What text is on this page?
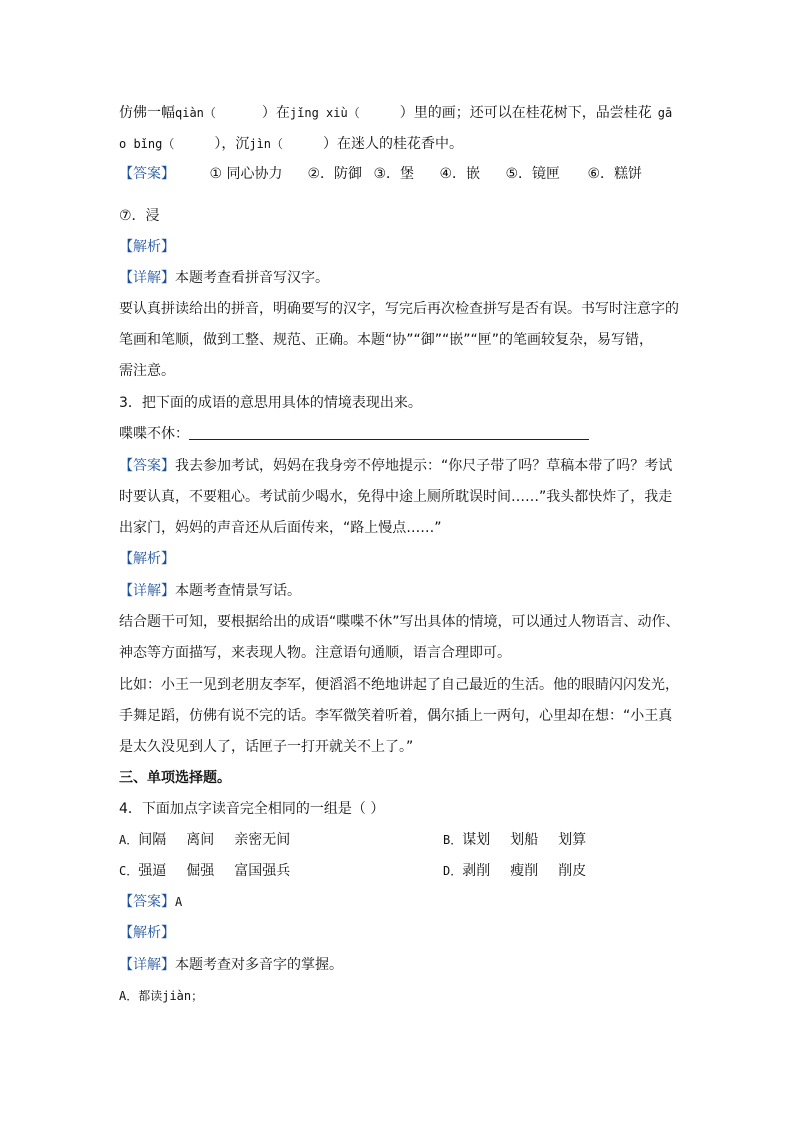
仿佛一幅qiàn（	）在jǐng xiù（	）里的画；还可以在桂花树下，品尝桂花 gā
o bǐng（	），沉jìn（	）在迷人的桂花香中。
【答案】 ① 同心协力 ②．防御 ③．堡 ④．嵌 ⑤．镜匣 ⑥．糕饼
⑦．浸
【解析】
【详解】本题考查看拼音写汉字。
要认真拼读给出的拼音，明确要写的汉字，写完后再次检查拼写是否有误。书写时注意字的
笔画和笔顺，做到工整、规范、正确。本题“协”“御”“嵌”“匣”的笔画较复杂，易写错，
需注意。
3．把下面的成语的意思用具体的情境表现出来。
喋喋不休：
【答案】我去参加考试，妈妈在我身旁不停地提示：“你尺子带了吗？草稿本带了吗？考试
时要认真，不要粗心。考试前少喝水，免得中途上厕所耽误时间……”我头都快炸了，我走
出家门，妈妈的声音还从后面传来，“路上慢点……”
【解析】
【详解】本题考查情景写话。
结合题干可知，要根据给出的成语“喋喋不休”写出具体的情境，可以通过人物语言、动作、
神态等方面描写，来表现人物。注意语句通顺，语言合理即可。
比如：小王一见到老朋友李军，便滔滔不绝地讲起了自己最近的生活。他的眼睛闪闪发光，
手舞足蹈，仿佛有说不完的话。李军微笑着听着，偶尔插上一两句，心里却在想：“小王真
是太久没见到人了，话匣子一打开就关不上了。”
三、单项选择题。
4．下面加点字读音完全相同的一组是（ ）
A．间隔 离间 亲密无间	B．谋划 划船 划算
C．强逼 倔强 富国强兵	D．剥削 瘦削 削皮
【答案】A
【解析】
【详解】本题考查对多音字的掌握。
A．都读jiàn；
